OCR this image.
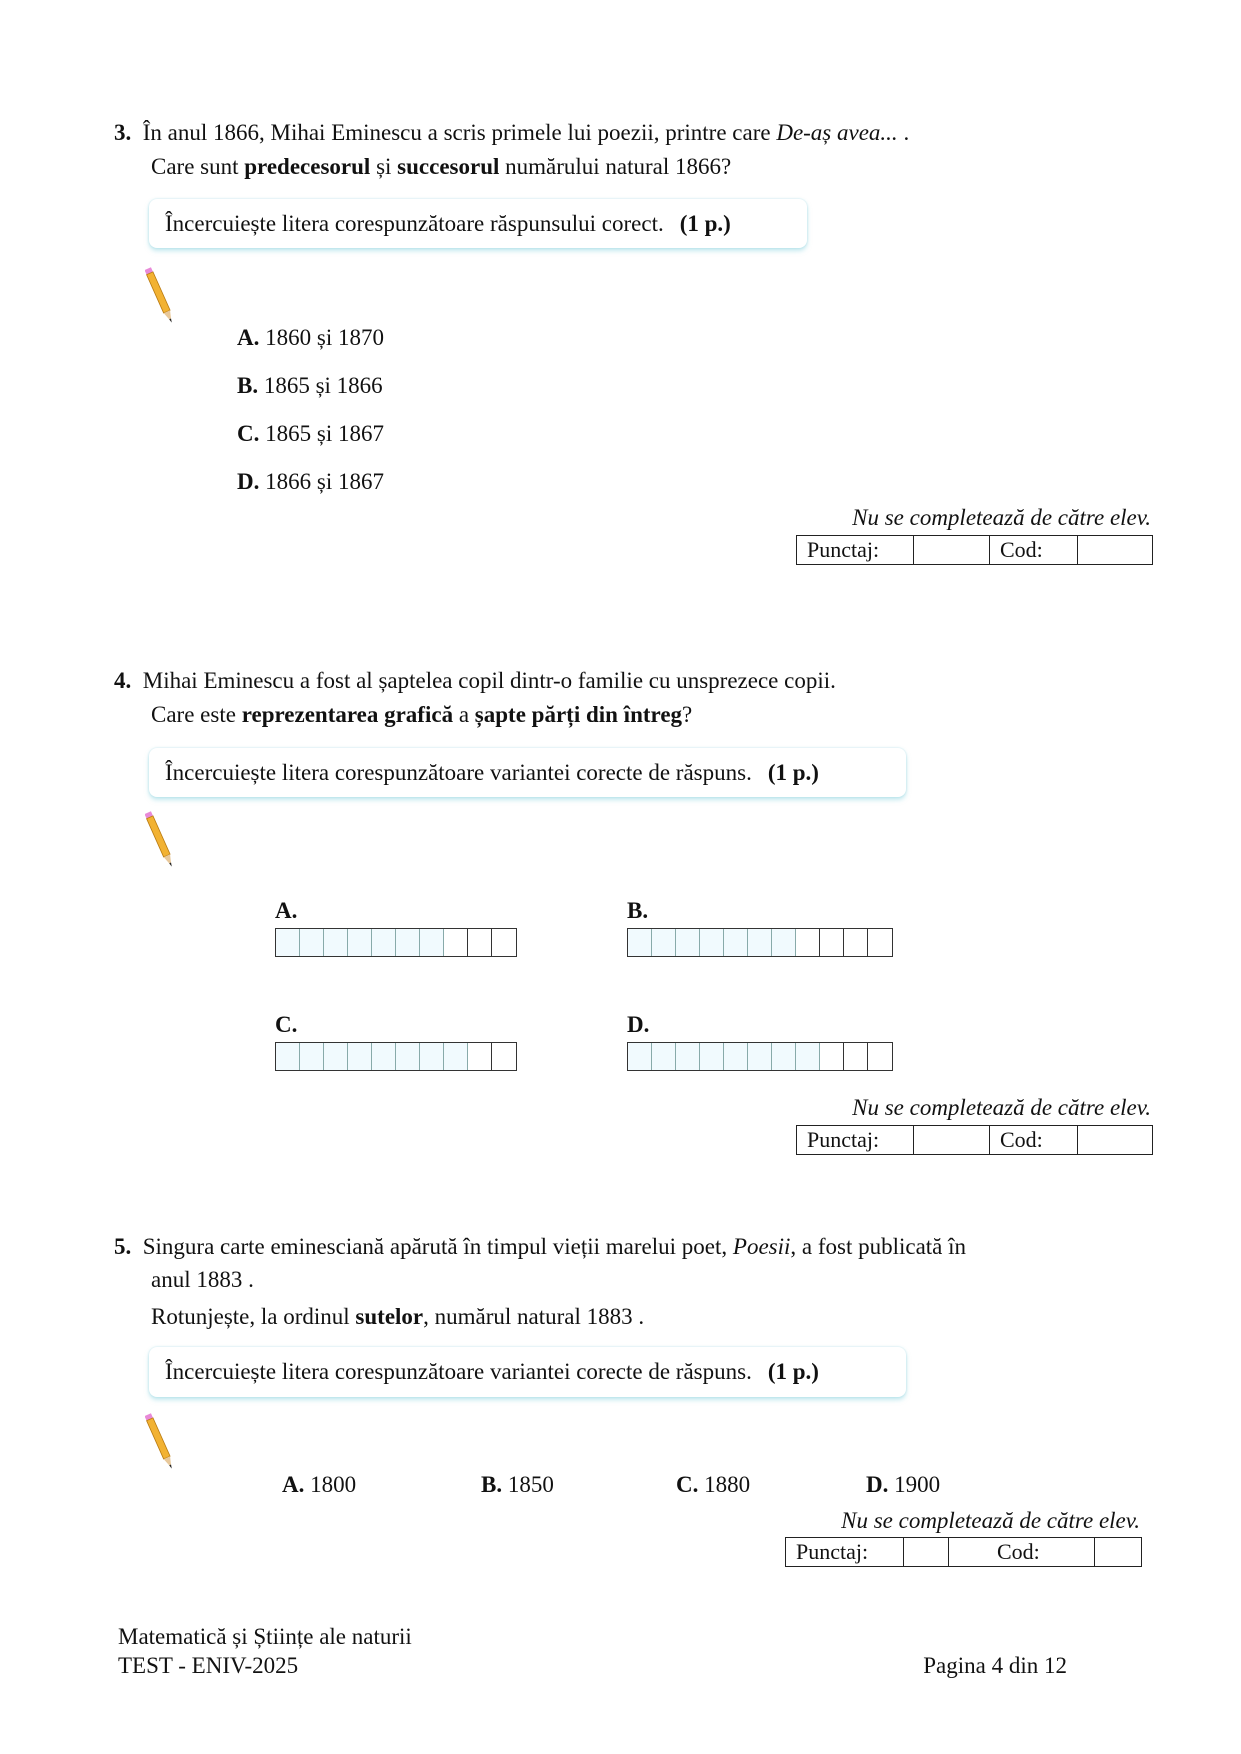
3. În anul 1866, Mihai Eminescu a scris primele lui poezii, printre care De-aș avea... .
Care sunt predecesorul și succesorul numărului natural 1866?
Încercuiește litera corespunzătoare răspunsului corect. (1 p.)
Nu se completează de către elev.
Punctaj:	Cod:
4. Mihai Eminescu a fost al șaptelea copil dintr-o familie cu unsprezece copii.
Care este reprezentarea grafică a șapte părți din întreg?
Încercuiește litera corespunzătoare variantei corecte de răspuns. (1 p.)
Nu se completează de către elev.
Punctaj:	Cod:
5. Singura carte eminesciană apărută în timpul vieții marelui poet, Poesii, a fost publicată în
anul 1883 .
Rotunjește, la ordinul sutelor, numărul natural 1883 .
Încercuiește litera corespunzătoare variantei corecte de răspuns. (1 p.)
Nu se completează de către elev.
Punctaj:	Cod:
Matematică și Științe ale naturii
TEST - ENIV-2025	Pagina 4 din 12
A. 1860 și 1870
B. 1865 și 1866
C. 1865 și 1867
D. 1866 și 1867
A.	B.
C.	D.
A. 1800	B. 1850	C. 1880	D. 1900
